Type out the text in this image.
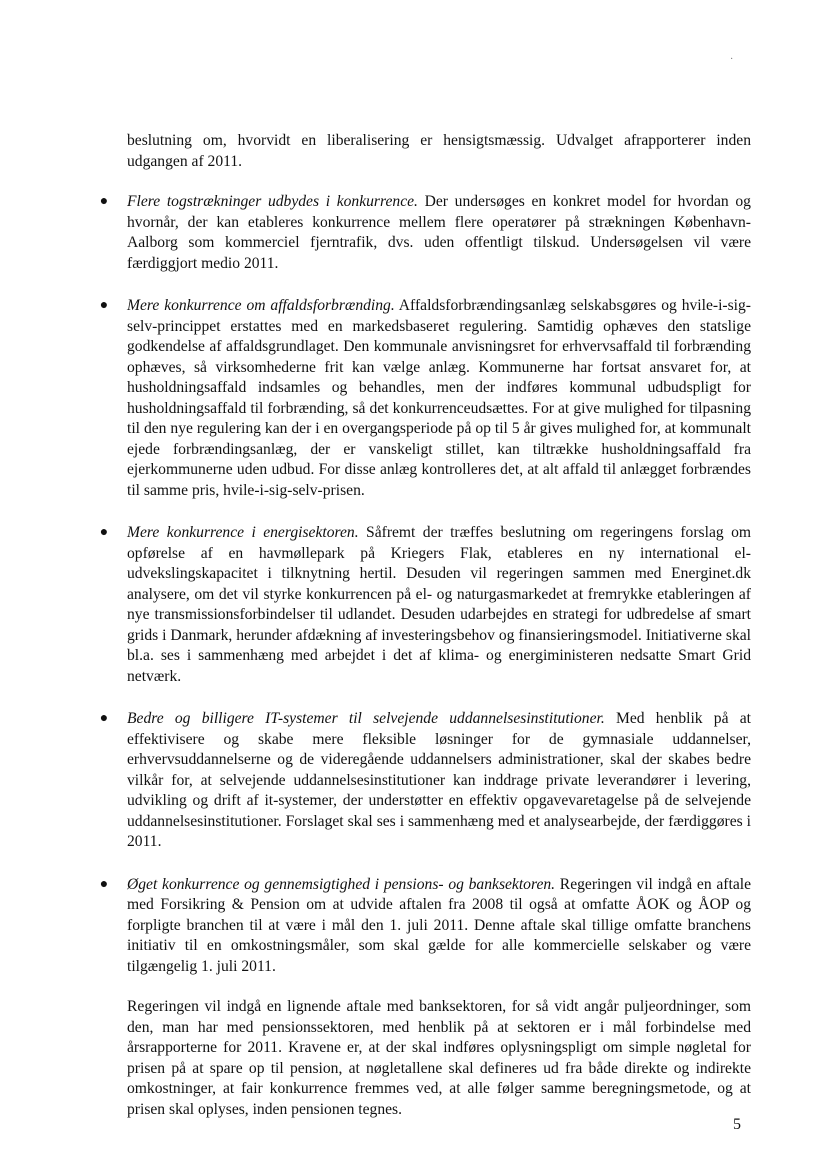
·

beslutning om, hvorvidt en liberalisering er hensigtsmæssig. Udvalget afrapporterer inden udgangen af 2011.

● Flere togstrækninger udbydes i konkurrence. Der undersøges en konkret model for hvordan og hvornår, der kan etableres konkurrence mellem flere operatører på strækningen København-Aalborg som kommerciel fjerntrafik, dvs. uden offentligt tilskud. Undersøgelsen vil være færdiggjort medio 2011.

● Mere konkurrence om affaldsforbrænding. Affaldsforbrændingsanlæg selskabsgøres og hvile-i-sig-selv-princippet erstattes med en markedsbaseret regulering. Samtidig ophæves den statslige godkendelse af affaldsgrundlaget. Den kommunale anvisningsret for erhvervsaffald til forbrænding ophæves, så virksomhederne frit kan vælge anlæg. Kommunerne har fortsat ansvaret for, at husholdningsaffald indsamles og behandles, men der indføres kommunal udbudspligt for husholdningsaffald til forbrænding, så det konkurrenceudsættes. For at give mulighed for tilpasning til den nye regulering kan der i en overgangsperiode på op til 5 år gives mulighed for, at kommunalt ejede forbrændingsanlæg, der er vanskeligt stillet, kan tiltrække husholdningsaffald fra ejerkommunerne uden udbud. For disse anlæg kontrolleres det, at alt affald til anlægget forbrændes til samme pris, hvile-i-sig-selv-prisen.

● Mere konkurrence i energisektoren. Såfremt der træffes beslutning om regeringens forslag om opførelse af en havmøllepark på Kriegers Flak, etableres en ny international el-udvekslingskapacitet i tilknytning hertil. Desuden vil regeringen sammen med Energinet.dk analysere, om det vil styrke konkurrencen på el- og naturgasmarkedet at fremrykke etableringen af nye transmissionsforbindelser til udlandet. Desuden udarbejdes en strategi for udbredelse af smart grids i Danmark, herunder afdækning af investeringsbehov og finansieringsmodel. Initiativerne skal bl.a. ses i sammenhæng med arbejdet i det af klima- og energiministeren nedsatte Smart Grid netværk.

● Bedre og billigere IT-systemer til selvejende uddannelsesinstitutioner. Med henblik på at effektivisere og skabe mere fleksible løsninger for de gymnasiale uddannelser, erhvervsuddannelserne og de videregående uddannelsers administrationer, skal der skabes bedre vilkår for, at selvejende uddannelsesinstitutioner kan inddrage private leverandører i levering, udvikling og drift af it-systemer, der understøtter en effektiv opgavevaretagelse på de selvejende uddannelsesinstitutioner. Forslaget skal ses i sammenhæng med et analysearbejde, der færdiggøres i 2011.

● Øget konkurrence og gennemsigtighed i pensions- og banksektoren. Regeringen vil indgå en aftale med Forsikring & Pension om at udvide aftalen fra 2008 til også at omfatte ÅOK og ÅOP og forpligte branchen til at være i mål den 1. juli 2011. Denne aftale skal tillige omfatte branchens initiativ til en omkostningsmåler, som skal gælde for alle kommercielle selskaber og være tilgængelig 1. juli 2011.

Regeringen vil indgå en lignende aftale med banksektoren, for så vidt angår puljeordninger, som den, man har med pensionssektoren, med henblik på at sektoren er i mål forbindelse med årsrapporterne for 2011. Kravene er, at der skal indføres oplysningspligt om simple nøgletal for prisen på at spare op til pension, at nøgletallene skal defineres ud fra både direkte og indirekte omkostninger, at fair konkurrence fremmes ved, at alle følger samme beregningsmetode, og at prisen skal oplyses, inden pensionen tegnes.

5
